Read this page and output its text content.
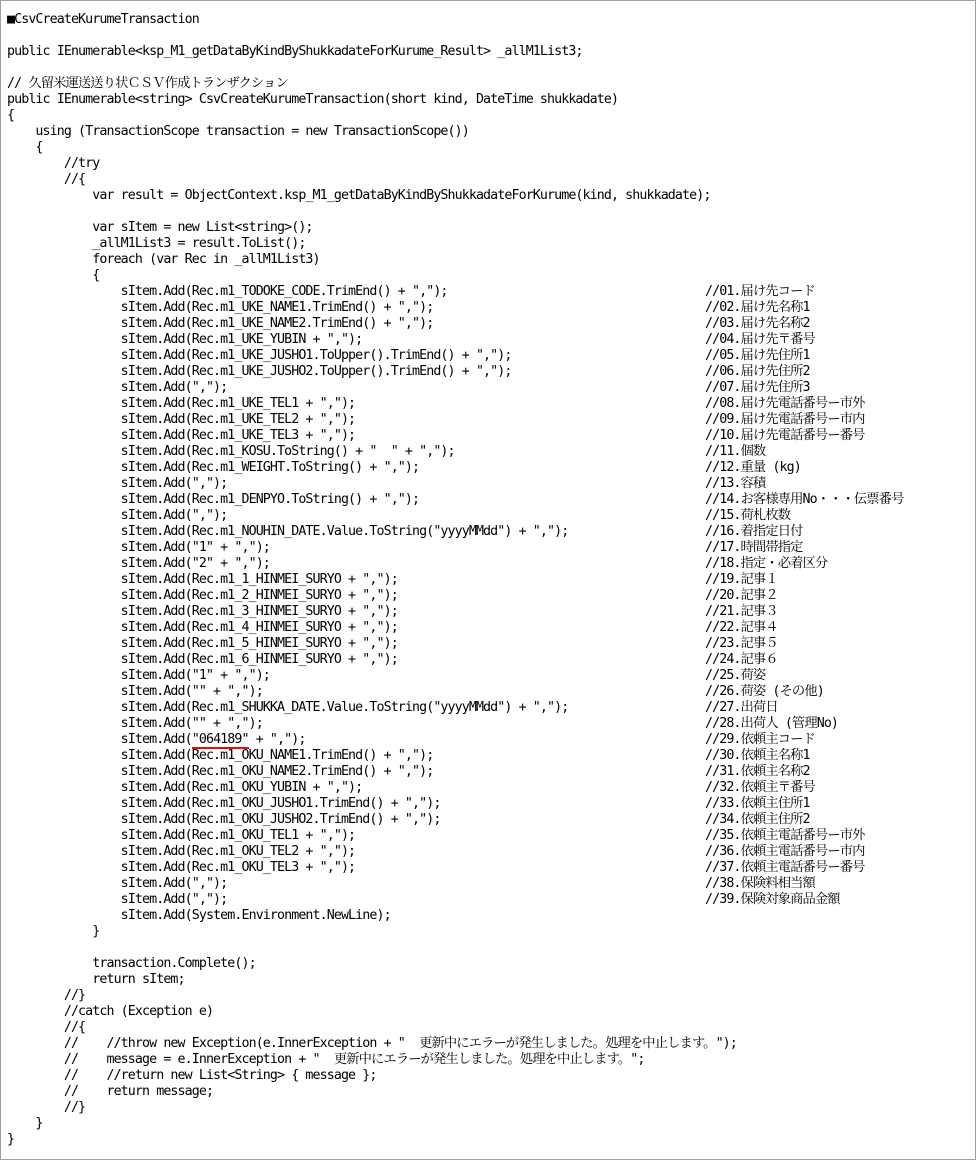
■CsvCreateKurumeTransaction
public IEnumerable<ksp_M1_getDataByKindByShukkadateForKurume_Result> _allM1List3;
// 久留米運送送り状ＣＳＶ作成トランザクション
public IEnumerable<string> CsvCreateKurumeTransaction(short kind, DateTime shukkadate)
{
using (TransactionScope transaction = new TransactionScope())
{
//try
//{
var result = ObjectContext.ksp_M1_getDataByKindByShukkadateForKurume(kind, shukkadate);
var sItem = new List<string>();
_allM1List3 = result.ToList();
foreach (var Rec in _allM1List3)
{
sItem.Add(Rec.m1_TODOKE_CODE.TrimEnd() + ",");	//01.届け先コード
sItem.Add(Rec.m1_UKE_NAME1.TrimEnd() + ",");	//02.届け先名称1
sItem.Add(Rec.m1_UKE_NAME2.TrimEnd() + ",");	//03.届け先名称2
sItem.Add(Rec.m1_UKE_YUBIN + ",");	//04.届け先〒番号
sItem.Add(Rec.m1_UKE_JUSHO1.ToUpper().TrimEnd() + ",");	//05.届け先住所1
sItem.Add(Rec.m1_UKE_JUSHO2.ToUpper().TrimEnd() + ",");	//06.届け先住所2
sItem.Add(",");	//07.届け先住所3
sItem.Add(Rec.m1_UKE_TEL1 + ",");	//08.届け先電話番号ー市外
sItem.Add(Rec.m1_UKE_TEL2 + ",");	//09.届け先電話番号ー市内
sItem.Add(Rec.m1_UKE_TEL3 + ",");	//10.届け先電話番号ー番号
sItem.Add(Rec.m1_KOSU.ToString() + "  " + ",");	//11.個数
sItem.Add(Rec.m1_WEIGHT.ToString() + ",");	//12.重量 (kg)
sItem.Add(",");	//13.容積
sItem.Add(Rec.m1_DENPYO.ToString() + ",");	//14.お客様専用No・・・伝票番号
sItem.Add(",");	//15.荷札枚数
sItem.Add(Rec.m1_NOUHIN_DATE.Value.ToString("yyyyMMdd") + ",");	//16.着指定日付
sItem.Add("1" + ",");	//17.時間帯指定
sItem.Add("2" + ",");	//18.指定・必着区分
sItem.Add(Rec.m1_1_HINMEI_SURYO + ",");	//19.記事１
sItem.Add(Rec.m1_2_HINMEI_SURYO + ",");	//20.記事２
sItem.Add(Rec.m1_3_HINMEI_SURYO + ",");	//21.記事３
sItem.Add(Rec.m1_4_HINMEI_SURYO + ",");	//22.記事４
sItem.Add(Rec.m1_5_HINMEI_SURYO + ",");	//23.記事５
sItem.Add(Rec.m1_6_HINMEI_SURYO + ",");	//24.記事６
sItem.Add("1" + ",");	//25.荷姿
sItem.Add("" + ",");	//26.荷姿 (その他)
sItem.Add(Rec.m1_SHUKKA_DATE.Value.ToString("yyyyMMdd") + ",");	//27.出荷日
sItem.Add("" + ",");	//28.出荷人 (管理No)
sItem.Add("064189" + ",");	//29.依頼主コード
sItem.Add(Rec.m1_OKU_NAME1.TrimEnd() + ",");	//30.依頼主名称1
sItem.Add(Rec.m1_OKU_NAME2.TrimEnd() + ",");	//31.依頼主名称2
sItem.Add(Rec.m1_OKU_YUBIN + ",");	//32.依頼主〒番号
sItem.Add(Rec.m1_OKU_JUSHO1.TrimEnd() + ",");	//33.依頼主住所1
sItem.Add(Rec.m1_OKU_JUSHO2.TrimEnd() + ",");	//34.依頼主住所2
sItem.Add(Rec.m1_OKU_TEL1 + ",");	//35.依頼主電話番号ー市外
sItem.Add(Rec.m1_OKU_TEL2 + ",");	//36.依頼主電話番号ー市内
sItem.Add(Rec.m1_OKU_TEL3 + ",");	//37.依頼主電話番号ー番号
sItem.Add(",");	//38.保険料相当額
sItem.Add(",");	//39.保険対象商品金額
sItem.Add(System.Environment.NewLine);
}
transaction.Complete();
return sItem;
//}
//catch (Exception e)
//{
//    //throw new Exception(e.InnerException + "  更新中にエラーが発生しました。処理を中止します。");
//    message = e.InnerException + "  更新中にエラーが発生しました。処理を中止します。";
//    //return new List<String> { message };
//    return message;
//}
}
}
